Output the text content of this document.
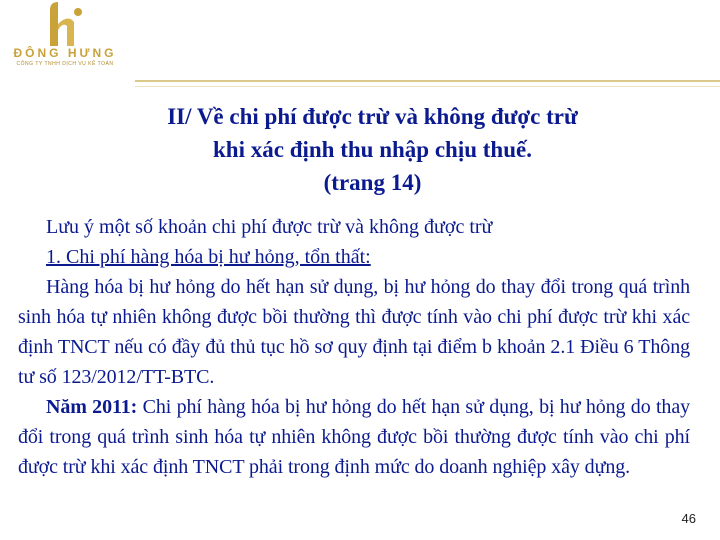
ĐÔNG HƯNG
CÔNG TY TNHH DỊCH VỤ KẾ TOÁN
II/ Về chi phí được trừ và không được trừ
khi xác định thu nhập chịu thuế.
(trang 14)
Lưu ý một số khoản chi phí được trừ và không được trừ
1. Chi phí hàng hóa bị hư hỏng, tổn thất:

Hàng hóa bị hư hỏng do hết hạn sử dụng, bị hư hỏng do thay đổi trong quá trình sinh hóa tự nhiên không được bồi thường thì được tính vào chi phí được trừ khi xác định TNCT nếu có đầy đủ thủ tục hồ sơ quy định tại điểm b khoản 2.1 Điều 6 Thông tư số 123/2012/TT-BTC.

Năm 2011: Chi phí hàng hóa bị hư hỏng do hết hạn sử dụng, bị hư hỏng do thay đổi trong quá trình sinh hóa tự nhiên không được bồi thường được tính vào chi phí được trừ khi xác định TNCT phải trong định mức do doanh nghiệp xây dựng.

46
